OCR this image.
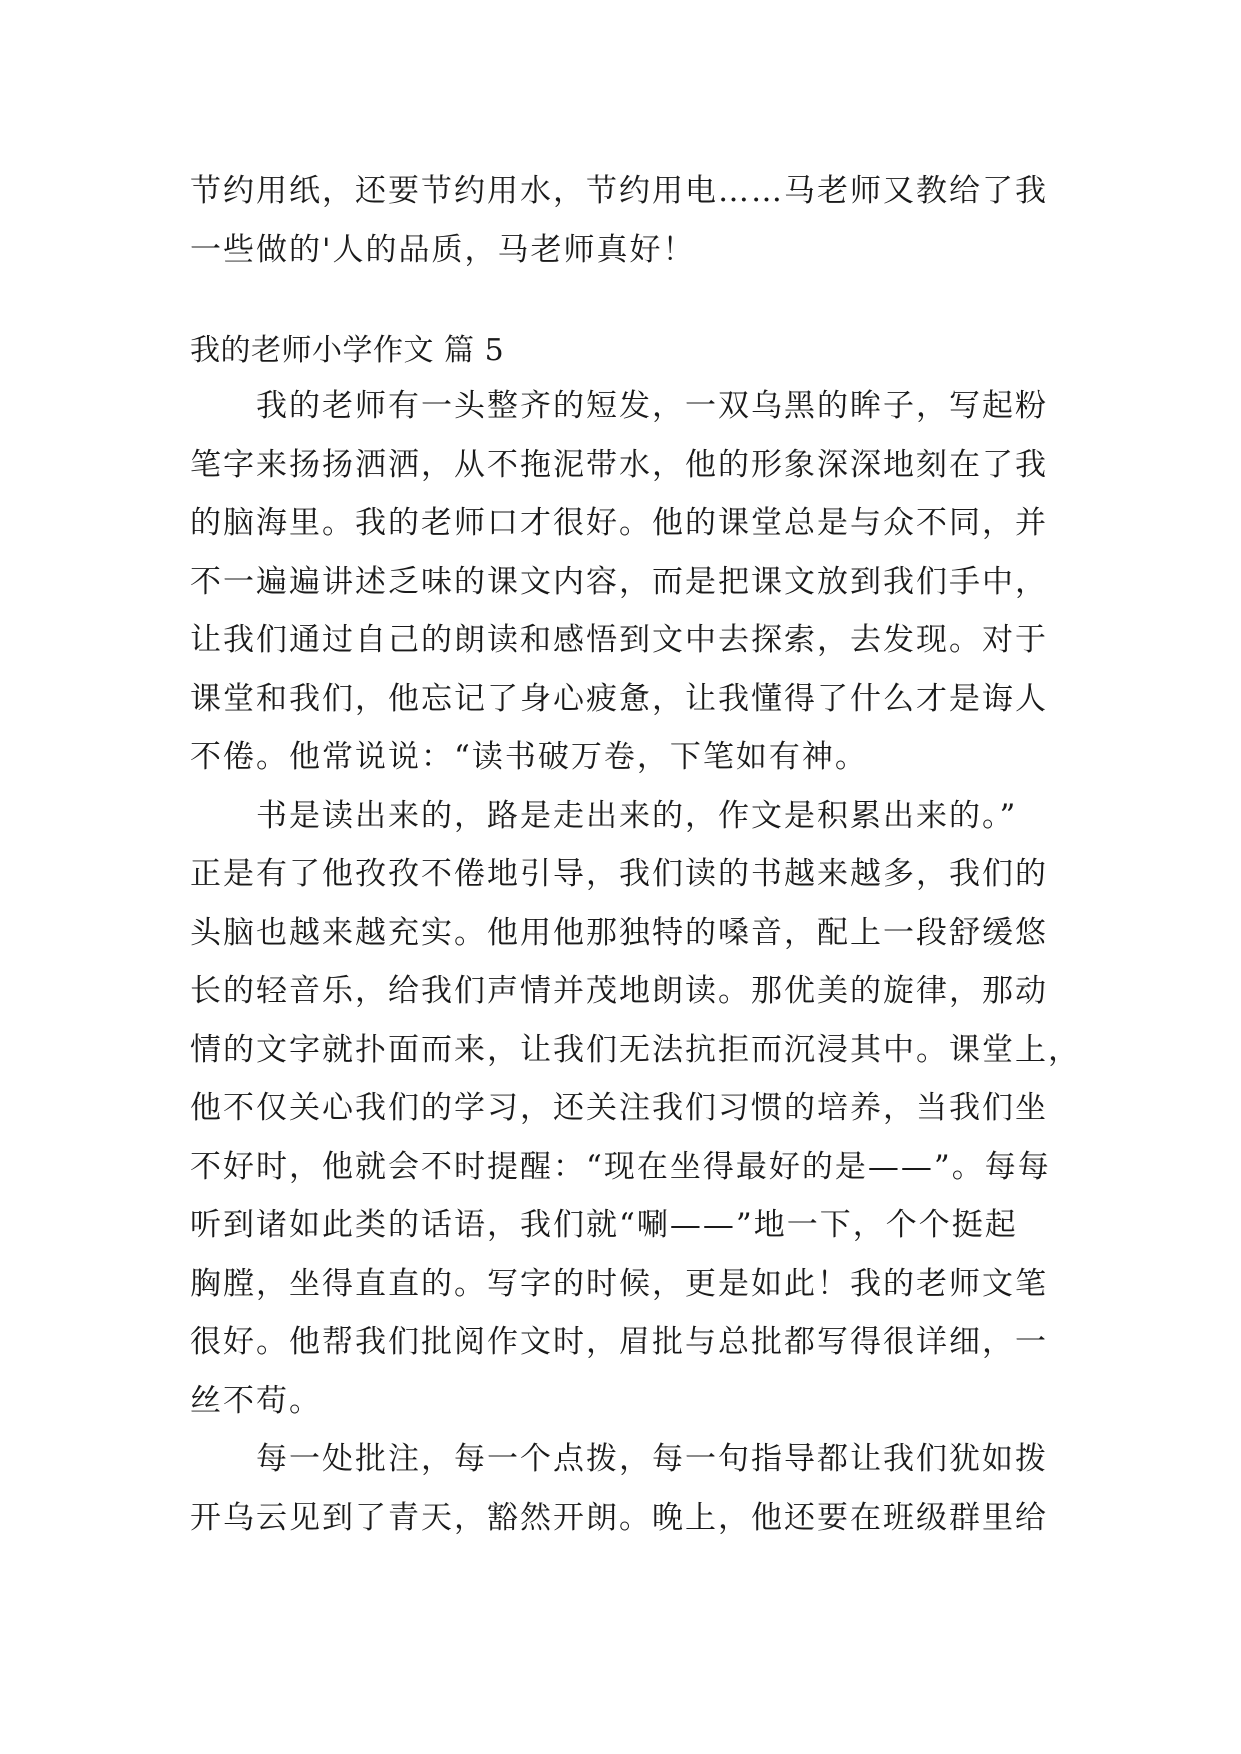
节约用纸，还要节约用水，节约用电……马老师又教给了我
一些做的'人的品质，马老师真好！
我的老师小学作文 篇 5
我的老师有一头整齐的短发，一双乌黑的眸子，写起粉
笔字来扬扬洒洒，从不拖泥带水，他的形象深深地刻在了我
的脑海里。我的老师口才很好。他的课堂总是与众不同，并
不一遍遍讲述乏味的课文内容，而是把课文放到我们手中，
让我们通过自己的朗读和感悟到文中去探索，去发现。对于
课堂和我们，他忘记了身心疲惫，让我懂得了什么才是诲人
不倦。他常说说：“读书破万卷，下笔如有神。
书是读出来的，路是走出来的，作文是积累出来的。”
正是有了他孜孜不倦地引导，我们读的书越来越多，我们的
头脑也越来越充实。他用他那独特的嗓音，配上一段舒缓悠
长的轻音乐，给我们声情并茂地朗读。那优美的旋律，那动
情的文字就扑面而来，让我们无法抗拒而沉浸其中。课堂上，
他不仅关心我们的学习，还关注我们习惯的培养，当我们坐
不好时，他就会不时提醒：“现在坐得最好的是——”。每每
听到诸如此类的话语，我们就“唰——”地一下，个个挺起
胸膛，坐得直直的。写字的时候，更是如此！我的老师文笔
很好。他帮我们批阅作文时，眉批与总批都写得很详细，一
丝不苟。
每一处批注，每一个点拨，每一句指导都让我们犹如拨
开乌云见到了青天，豁然开朗。晚上，他还要在班级群里给
